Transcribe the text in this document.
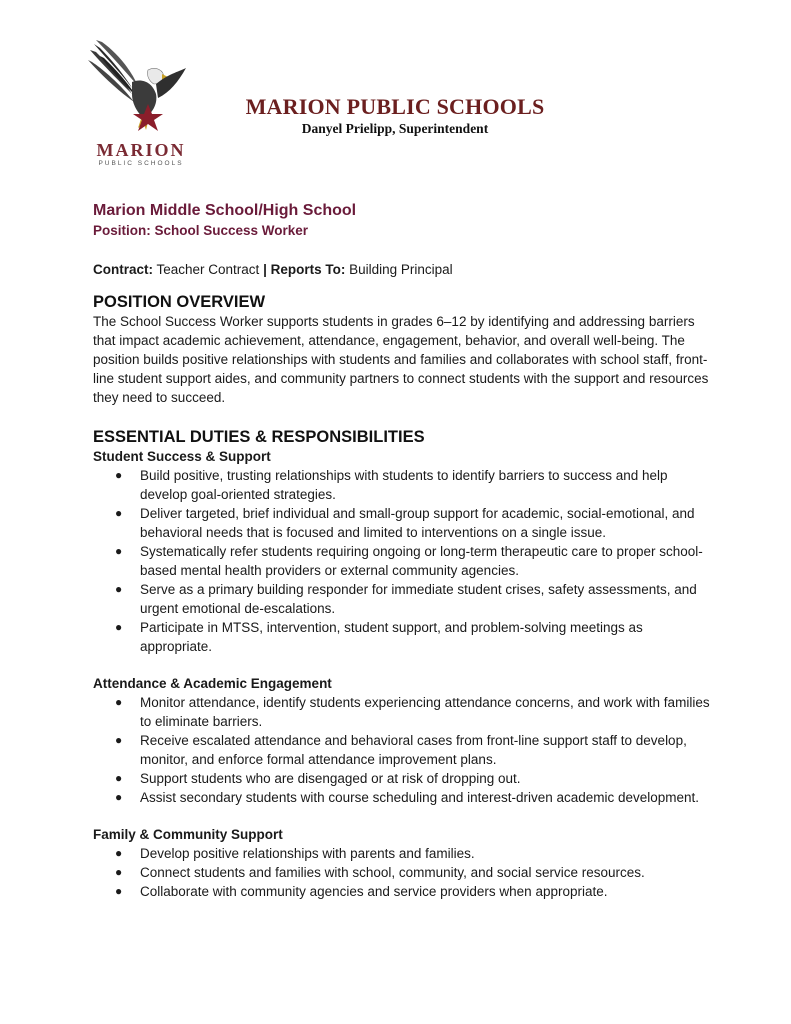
MARION
PUBLIC SCHOOLS
MARION PUBLIC SCHOOLS
Danyel Prielipp, Superintendent
Marion Middle School/High School
Position: School Success Worker
Contract: Teacher Contract | Reports To: Building Principal
POSITION OVERVIEW

The School Success Worker supports students in grades 6–12 by identifying and addressing barriers that impact academic achievement, attendance, engagement, behavior, and overall well-being. The position builds positive relationships with students and families and collaborates with school staff, front-line student support aides, and community partners to connect students with the support and resources they need to succeed.

ESSENTIAL DUTIES & RESPONSIBILITIES
Student Success & Support
● Build positive, trusting relationships with students to identify barriers to success and help develop goal-oriented strategies.
● Deliver targeted, brief individual and small-group support for academic, social-emotional, and behavioral needs that is focused and limited to interventions on a single issue.
● Systematically refer students requiring ongoing or long-term therapeutic care to proper school-based mental health providers or external community agencies.
● Serve as a primary building responder for immediate student crises, safety assessments, and urgent emotional de-escalations.
● Participate in MTSS, intervention, student support, and problem-solving meetings as appropriate.
Attendance & Academic Engagement
● Monitor attendance, identify students experiencing attendance concerns, and work with families to eliminate barriers.
● Receive escalated attendance and behavioral cases from front-line support staff to develop, monitor, and enforce formal attendance improvement plans.
● Support students who are disengaged or at risk of dropping out.
● Assist secondary students with course scheduling and interest-driven academic development.
Family & Community Support
● Develop positive relationships with parents and families.
● Connect students and families with school, community, and social service resources.
● Collaborate with community agencies and service providers when appropriate.
